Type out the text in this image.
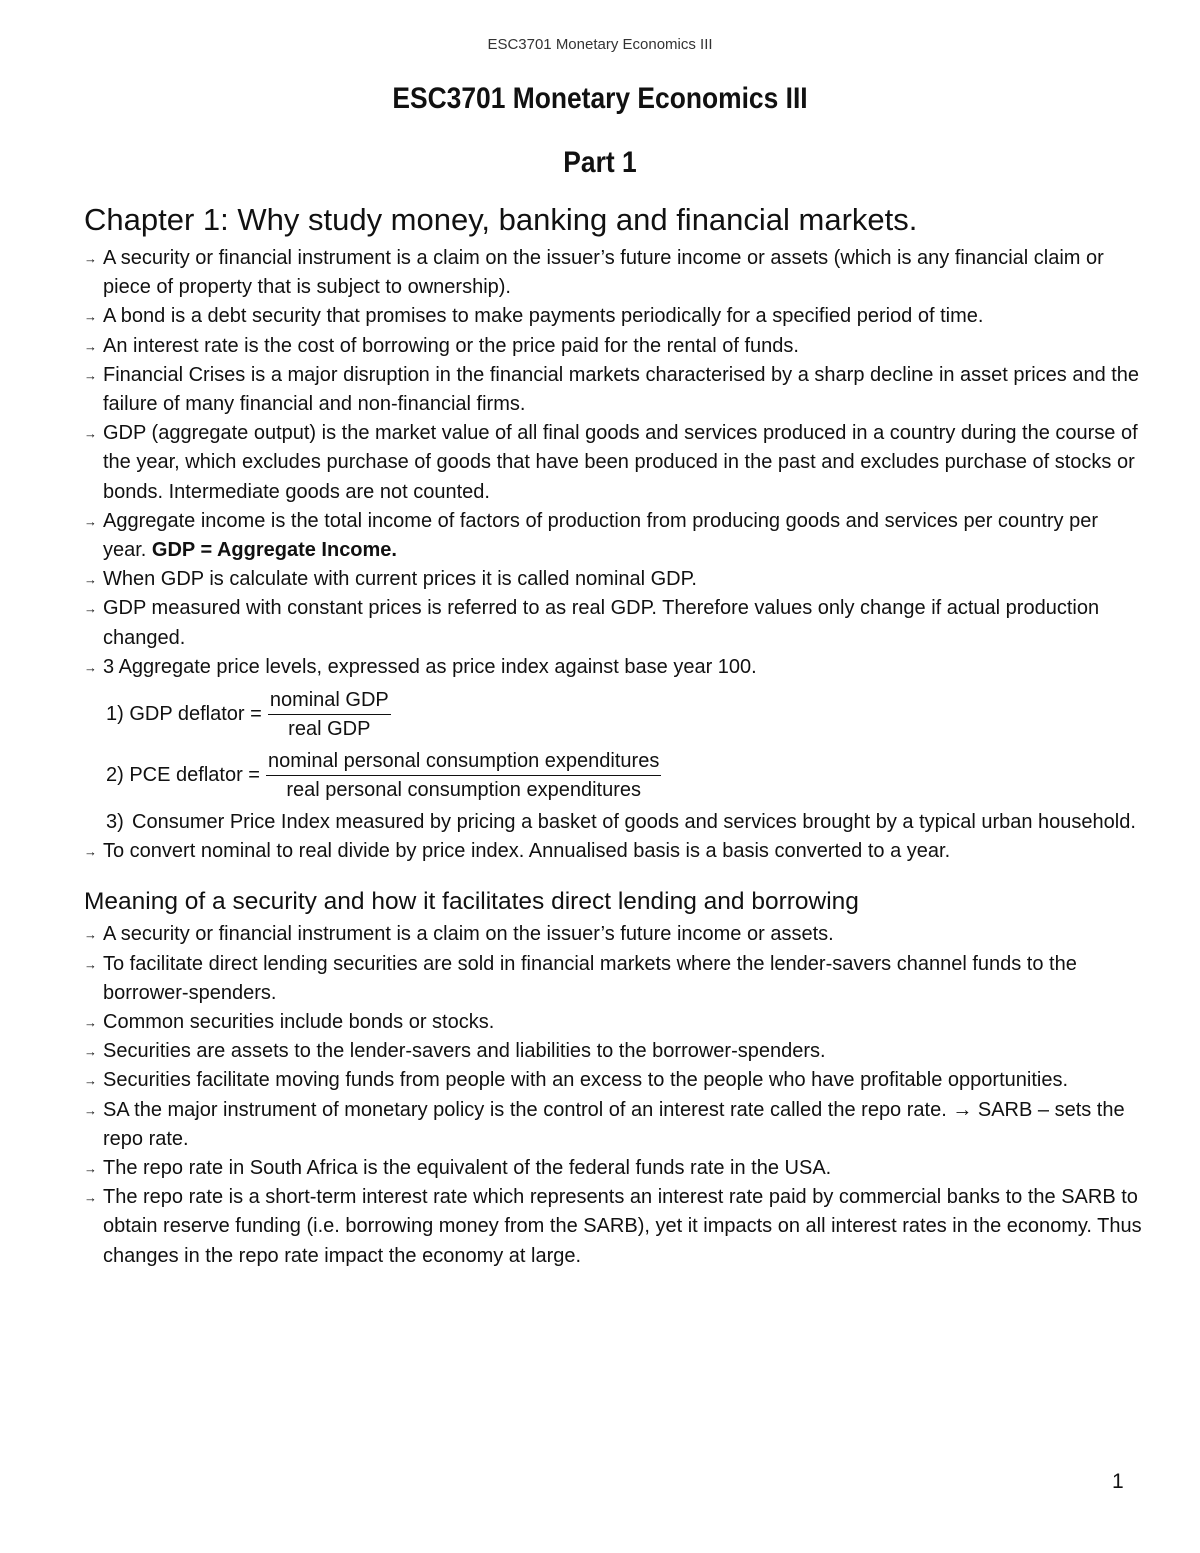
ESC3701 Monetary Economics III
ESC3701 Monetary Economics III
Part 1
Chapter 1: Why study money, banking and financial markets.
→ A security or financial instrument is a claim on the issuer’s future income or assets (which is any financial claim or piece of property that is subject to ownership).
→ A bond is a debt security that promises to make payments periodically for a specified period of time.
→ An interest rate is the cost of borrowing or the price paid for the rental of funds.
→ Financial Crises is a major disruption in the financial markets characterised by a sharp decline in asset prices and the failure of many financial and non-financial firms.
→ GDP (aggregate output) is the market value of all final goods and services produced in a country during the course of the year, which excludes purchase of goods that have been produced in the past and excludes purchase of stocks or bonds. Intermediate goods are not counted.
→ Aggregate income is the total income of factors of production from producing goods and services per country per year. GDP = Aggregate Income.
→ When GDP is calculate with current prices it is called nominal GDP.
→ GDP measured with constant prices is referred to as real GDP. Therefore values only change if actual production changed.
→ 3 Aggregate price levels, expressed as price index against base year 100.
1) GDP deflator = $\frac{\text{nominal GDP}}{\text{real GDP}}$
2) PCE deflator = $\frac{\text{nominal personal consumption expenditures}}{\text{real personal consumption expenditures}}$
3) Consumer Price Index measured by pricing a basket of goods and services brought by a typical urban household.
→ To convert nominal to real divide by price index. Annualised basis is a basis converted to a year.
Meaning of a security and how it facilitates direct lending and borrowing
→ A security or financial instrument is a claim on the issuer’s future income or assets.
→ To facilitate direct lending securities are sold in financial markets where the lender-savers channel funds to the borrower-spenders.
→ Common securities include bonds or stocks.
→ Securities are assets to the lender-savers and liabilities to the borrower-spenders.
→ Securities facilitate moving funds from people with an excess to the people who have profitable opportunities.
→ SA the major instrument of monetary policy is the control of an interest rate called the repo rate. → SARB – sets the repo rate.
→ The repo rate in South Africa is the equivalent of the federal funds rate in the USA.
→ The repo rate is a short-term interest rate which represents an interest rate paid by commercial banks to the SARB to obtain reserve funding (i.e. borrowing money from the SARB), yet it impacts on all interest rates in the economy. Thus changes in the repo rate impact the economy at large.
1
